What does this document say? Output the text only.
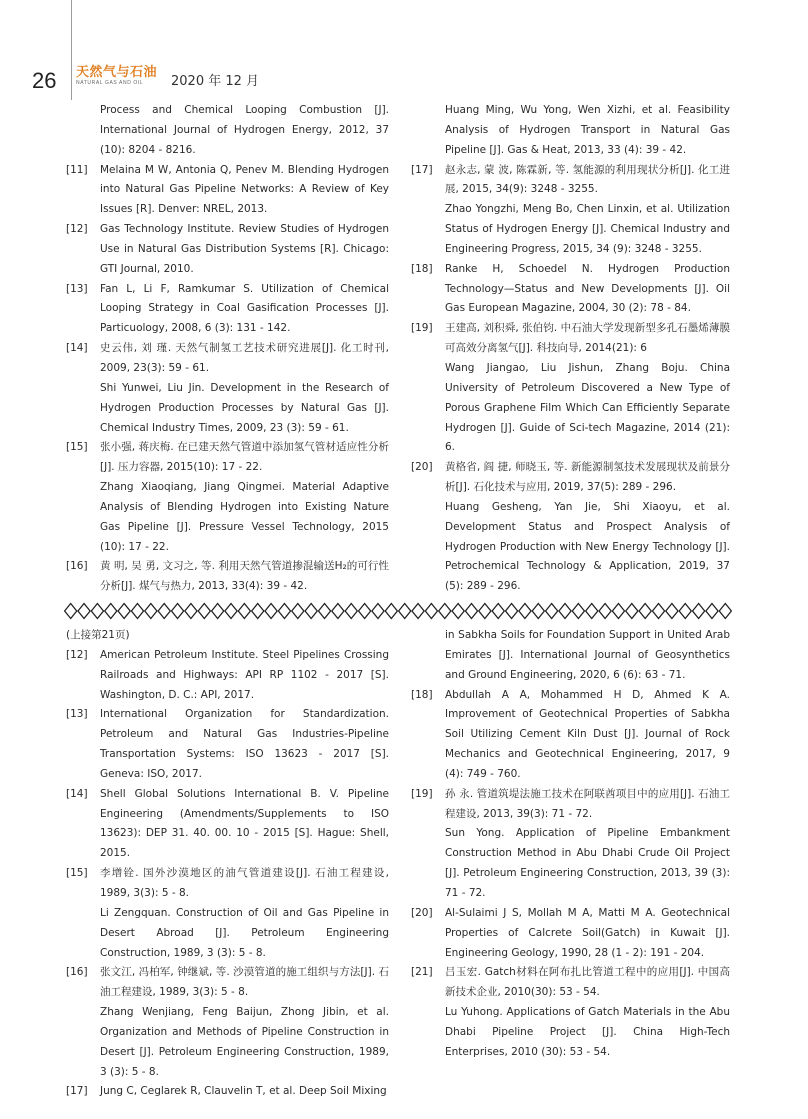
26 天然气与石油
NATURAL GAS AND OIL	2020 年 12 月
Process and Chemical Looping Combustion [J]. International Journal of Hydrogen Energy, 2012, 37 (10): 8204 - 8216.
[11]	Melaina M W, Antonia Q, Penev M. Blending Hydrogen into Natural Gas Pipeline Networks: A Review of Key Issues [R]. Denver: NREL, 2013.
[12]	Gas Technology Institute. Review Studies of Hydrogen Use in Natural Gas Distribution Systems [R]. Chicago: GTI Journal, 2010.
[13]	Fan L, Li F, Ramkumar S. Utilization of Chemical Looping Strategy in Coal Gasification Processes [J]. Particuology, 2008, 6 (3): 131 - 142.
[14]	史云伟, 刘 瑾. 天然气制氢工艺技术研究进展[J]. 化工时刊, 2009, 23(3): 59 - 61.
Shi Yunwei, Liu Jin. Development in the Research of Hydrogen Production Processes by Natural Gas [J]. Chemical Industry Times, 2009, 23 (3): 59 - 61.
[15]	张小强, 蒋庆梅. 在已建天然气管道中添加氢气管材适应性分析[J]. 压力容器, 2015(10): 17 - 22.
Zhang Xiaoqiang, Jiang Qingmei. Material Adaptive Analysis of Blending Hydrogen into Existing Nature Gas Pipeline [J]. Pressure Vessel Technology, 2015 (10): 17 - 22.
[16]	黄 明, 吴 勇, 文习之, 等. 利用天然气管道掺混输送H₂的可行性分析[J]. 煤气与热力, 2013, 33(4): 39 - 42.
Huang Ming, Wu Yong, Wen Xizhi, et al. Feasibility Analysis of Hydrogen Transport in Natural Gas Pipeline [J]. Gas & Heat, 2013, 33 (4): 39 - 42.
[17]	赵永志, 蒙 波, 陈霖新, 等. 氢能源的利用现状分析[J]. 化工进展, 2015, 34(9): 3248 - 3255.
Zhao Yongzhi, Meng Bo, Chen Linxin, et al. Utilization Status of Hydrogen Energy [J]. Chemical Industry and Engineering Progress, 2015, 34 (9): 3248 - 3255.
[18]	Ranke H, Schoedel N. Hydrogen Production Technology—Status and New Developments [J]. Oil Gas European Magazine, 2004, 30 (2): 78 - 84.
[19]	王建高, 刘积舜, 张伯钧. 中石油大学发现新型多孔石墨烯薄膜可高效分离氢气[J]. 科技向导, 2014(21): 6
Wang Jiangao, Liu Jishun, Zhang Boju. China University of Petroleum Discovered a New Type of Porous Graphene Film Which Can Efficiently Separate Hydrogen [J]. Guide of Sci-tech Magazine, 2014 (21): 6.
[20]	黄格省, 阎 捷, 师晓玉, 等. 新能源制氢技术发展现状及前景分析[J]. 石化技术与应用, 2019, 37(5): 289 - 296.
Huang Gesheng, Yan Jie, Shi Xiaoyu, et al. Development Status and Prospect Analysis of Hydrogen Production with New Energy Technology [J]. Petrochemical Technology & Application, 2019, 37 (5): 289 - 296.
(上接第21页)
[12]	American Petroleum Institute. Steel Pipelines Crossing Railroads and Highways: API RP 1102 - 2017 [S]. Washington, D. C.: API, 2017.
[13]	International Organization for Standardization. Petroleum and Natural Gas Industries-Pipeline Transportation Systems: ISO 13623 - 2017 [S]. Geneva: ISO, 2017.
[14]	Shell Global Solutions International B. V. Pipeline Engineering (Amendments/Supplements to ISO 13623): DEP 31. 40. 00. 10 - 2015 [S]. Hague: Shell, 2015.
[15]	李增铨. 国外沙漠地区的油气管道建设[J]. 石油工程建设, 1989, 3(3): 5 - 8.
Li Zengquan. Construction of Oil and Gas Pipeline in Desert Abroad [J]. Petroleum Engineering Construction, 1989, 3 (3): 5 - 8.
[16]	张文江, 冯柏军, 钟继斌, 等. 沙漠管道的施工组织与方法[J]. 石油工程建设, 1989, 3(3): 5 - 8.
Zhang Wenjiang, Feng Baijun, Zhong Jibin, et al. Organization and Methods of Pipeline Construction in Desert [J]. Petroleum Engineering Construction, 1989, 3 (3): 5 - 8.
[17]	Jung C, Ceglarek R, Clauvelin T, et al. Deep Soil Mixing
in Sabkha Soils for Foundation Support in United Arab Emirates [J]. International Journal of Geosynthetics and Ground Engineering, 2020, 6 (6): 63 - 71.
[18]	Abdullah A A, Mohammed H D, Ahmed K A. Improvement of Geotechnical Properties of Sabkha Soil Utilizing Cement Kiln Dust [J]. Journal of Rock Mechanics and Geotechnical Engineering, 2017, 9 (4): 749 - 760.
[19]	孙 永. 管道筑堤法施工技术在阿联酋项目中的应用[J]. 石油工程建设, 2013, 39(3): 71 - 72.
Sun Yong. Application of Pipeline Embankment Construction Method in Abu Dhabi Crude Oil Project [J]. Petroleum Engineering Construction, 2013, 39 (3): 71 - 72.
[20]	Al-Sulaimi J S, Mollah M A, Matti M A. Geotechnical Properties of Calcrete Soil(Gatch) in Kuwait [J]. Engineering Geology, 1990, 28 (1 - 2): 191 - 204.
[21]	吕玉宏. Gatch材料在阿布扎比管道工程中的应用[J]. 中国高新技术企业, 2010(30): 53 - 54.
Lu Yuhong. Applications of Gatch Materials in the Abu Dhabi Pipeline Project [J]. China High-Tech Enterprises, 2010 (30): 53 - 54.
